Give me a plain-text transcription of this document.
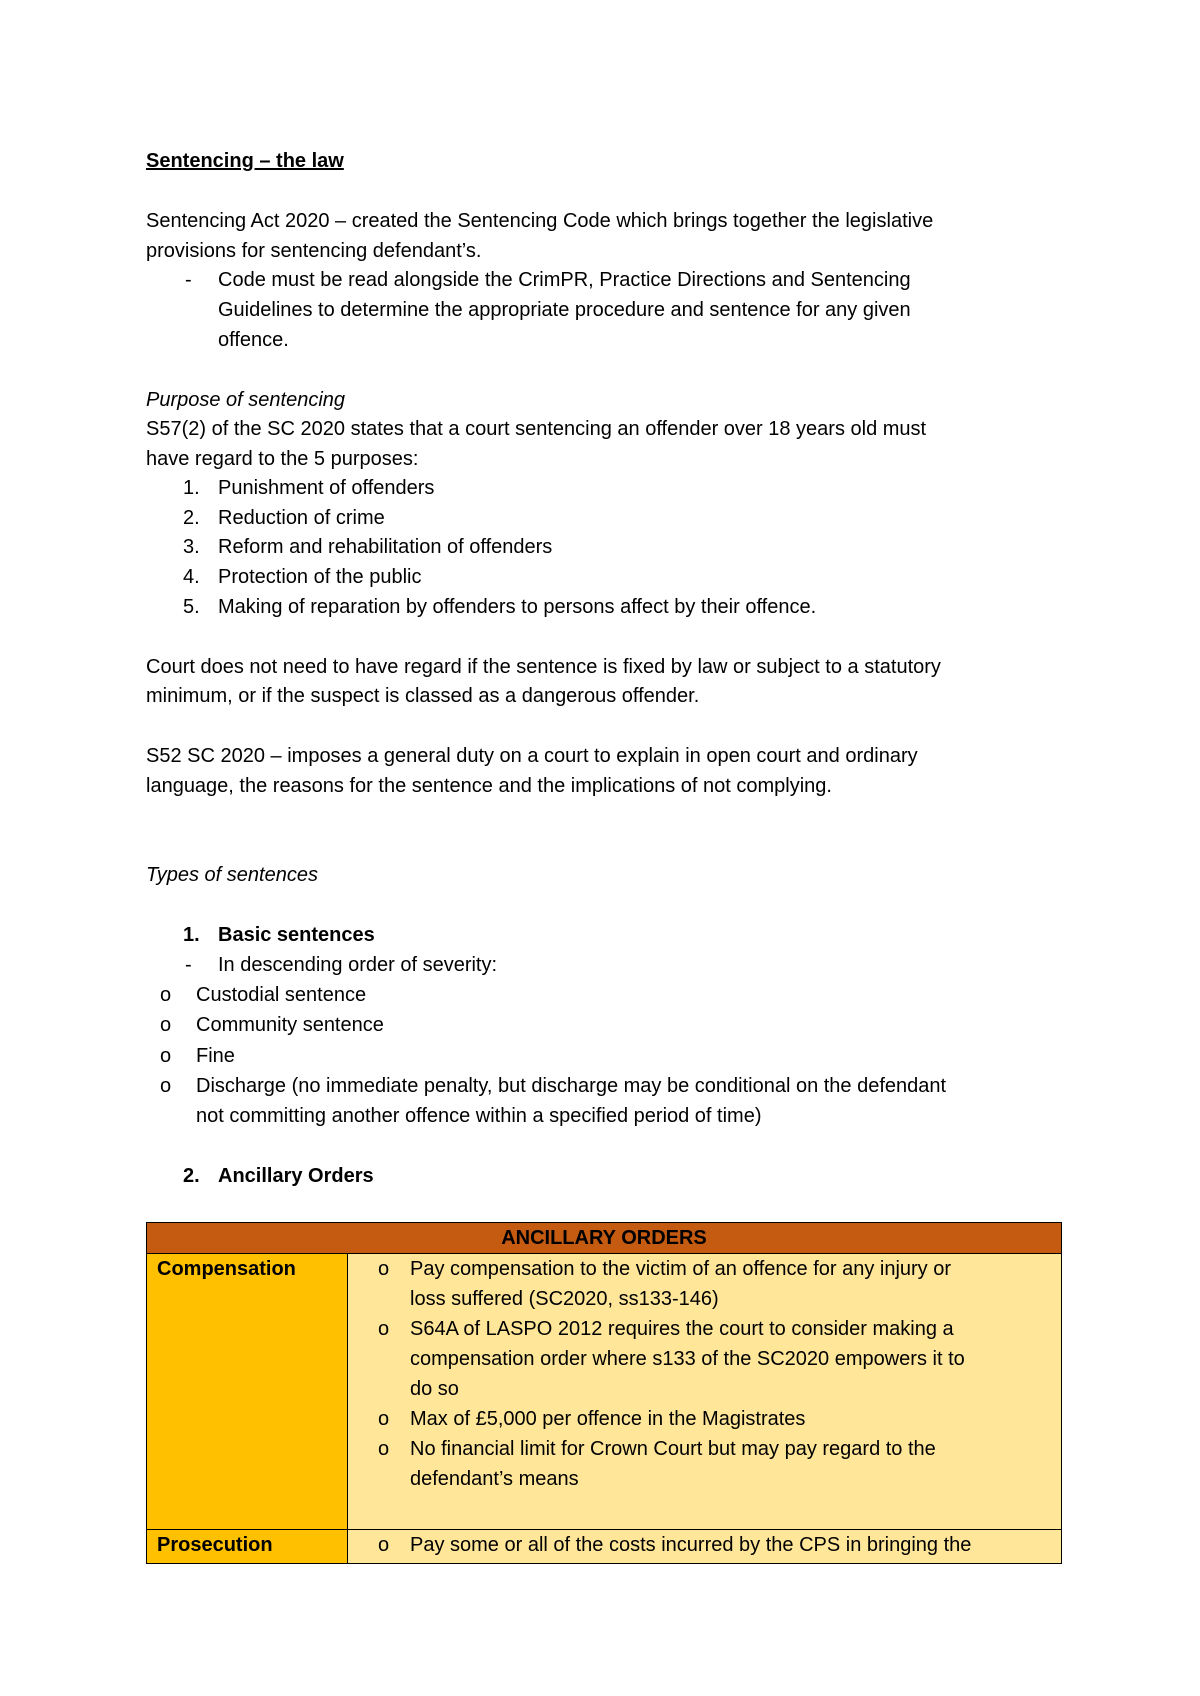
Sentencing – the law
Sentencing Act 2020 – created the Sentencing Code which brings together the legislative
provisions for sentencing defendant’s.
- Code must be read alongside the CrimPR, Practice Directions and Sentencing
Guidelines to determine the appropriate procedure and sentence for any given
offence.
Purpose of sentencing
S57(2) of the SC 2020 states that a court sentencing an offender over 18 years old must
have regard to the 5 purposes:
1. Punishment of offenders
2. Reduction of crime
3. Reform and rehabilitation of offenders
4. Protection of the public
5. Making of reparation by offenders to persons affect by their offence.
Court does not need to have regard if the sentence is fixed by law or subject to a statutory
minimum, or if the suspect is classed as a dangerous offender.
S52 SC 2020 – imposes a general duty on a court to explain in open court and ordinary
language, the reasons for the sentence and the implications of not complying.
Types of sentences
1. Basic sentences
- In descending order of severity:
o Custodial sentence
o Community sentence
o Fine
o Discharge (no immediate penalty, but discharge may be conditional on the defendant
not committing another offence within a specified period of time)
2. Ancillary Orders
ANCILLARY ORDERS
Compensation	o Pay compensation to the victim of an offence for any injury or
loss suffered (SC2020, ss133-146)
o S64A of LASPO 2012 requires the court to consider making a
compensation order where s133 of the SC2020 empowers it to
do so
o Max of £5,000 per offence in the Magistrates
o No financial limit for Crown Court but may pay regard to the
defendant’s means
Prosecution	o Pay some or all of the costs incurred by the CPS in bringing the
